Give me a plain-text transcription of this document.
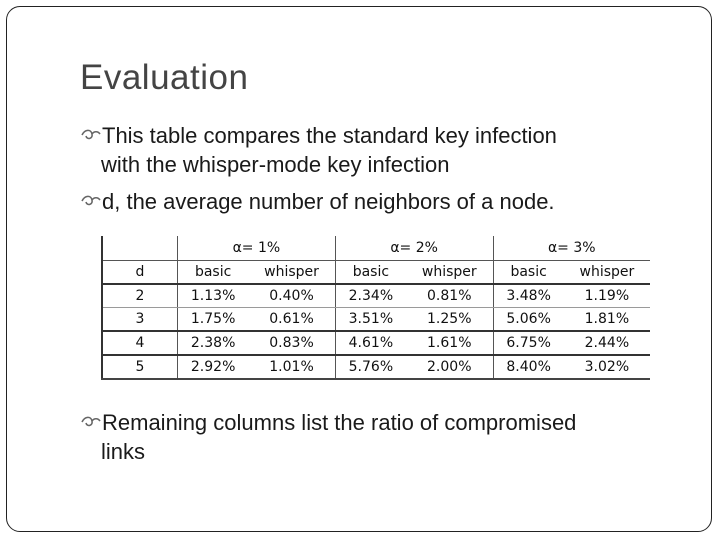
Evaluation
This table compares the standard key infection
with the whisper-mode key infection
d, the average number of neighbors of a node.
	α= 1%		α= 2%		α= 3%	
d	basic	whisper	basic	whisper	basic	whisper
2	1.13%	0.40%	2.34%	0.81%	3.48%	1.19%
3	1.75%	0.61%	3.51%	1.25%	5.06%	1.81%
4	2.38%	0.83%	4.61%	1.61%	6.75%	2.44%
5	2.92%	1.01%	5.76%	2.00%	8.40%	3.02%
Remaining columns list the ratio of compromised
links
